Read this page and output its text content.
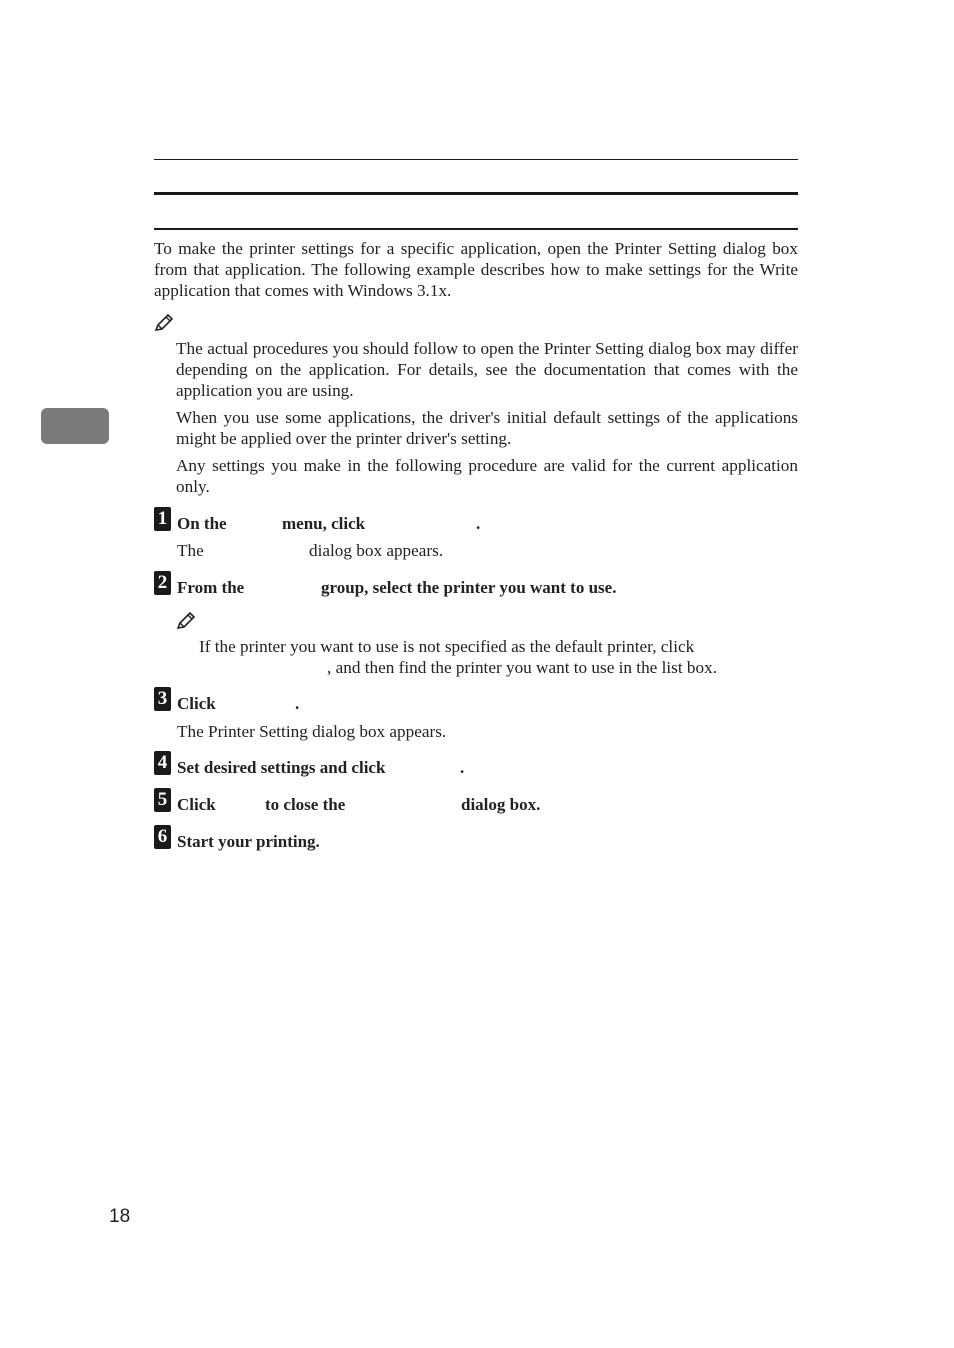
To make the printer settings for a specific application, open the Printer Setting dialog box from that application. The following example describes how to make settings for the Write application that comes with Windows 3.1x.

The actual procedures you should follow to open the Printer Setting dialog box may differ depending on the application. For details, see the documentation that comes with the application you are using.

When you use some applications, the driver's initial default settings of the applications might be applied over the printer driver's setting.

Any settings you make in the following procedure are valid for the current application only.

1 On the	menu, click	.

The	dialog box appears.

2 From the	group, select the printer you want to use.

If the printer you want to use is not specified as the default printer, click

, and then find the printer you want to use in the list box.

3 Click	.

The Printer Setting dialog box appears.

4 Set desired settings and click	.

5 Click	to close the	dialog box.

6 Start your printing.

18
